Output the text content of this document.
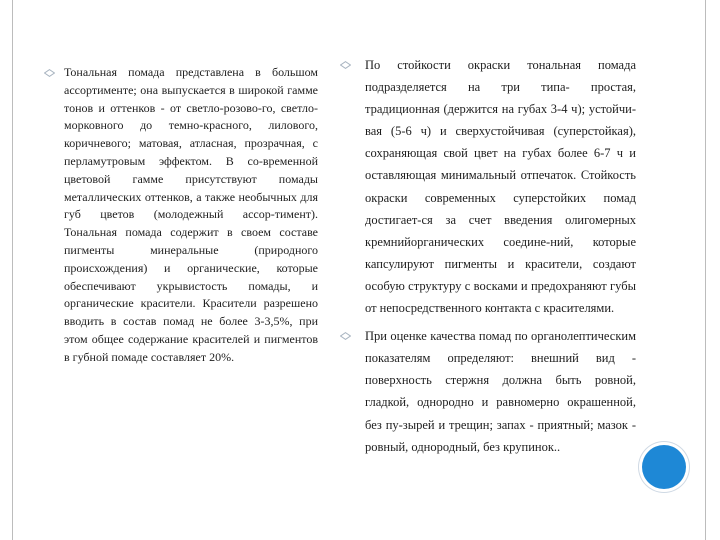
Тональная помада представлена в большом ассортименте; она выпускается в широкой гамме тонов и оттенков - от светло-розово-го, светло-морковного до темно-красного, лилового, коричневого; матовая, атласная, прозрачная, с перламутровым эффектом. В со-временной цветовой гамме присутствуют помады металлических оттенков, а также необычных для губ цветов (молодежный ассор-тимент). Тональная помада содержит в своем составе пигменты минеральные (природного происхождения) и органические, которые обеспечивают укрывистость помады, и органические красители. Красители разрешено вводить в состав помад не более 3-3,5%, при этом общее содержание красителей и пигментов в губной помаде составляет 20%.
По стойкости окраски тональная помада подразделяется на три типа- простая, традиционная (держится на губах 3-4 ч); устойчи-вая (5-6 ч) и сверхустойчивая (суперстойкая), сохраняющая свой цвет на губах более 6-7 ч и оставляющая минимальный отпечаток. Стойкость окраски современных суперстойких помад достигает-ся за счет введения олигомерных кремнийорганических соедине-ний, которые капсулируют пигменты и красители, создают особую структуру с восками и предохраняют губы от непосредственного контакта с красителями.
При оценке качества помад по органолептическим показателям определяют: внешний вид - поверхность стержня должна быть ровной, гладкой, однородно и равномерно окрашенной, без пу-зырей и трещин; запах - приятный; мазок - ровный, однородный, без крупинок..
